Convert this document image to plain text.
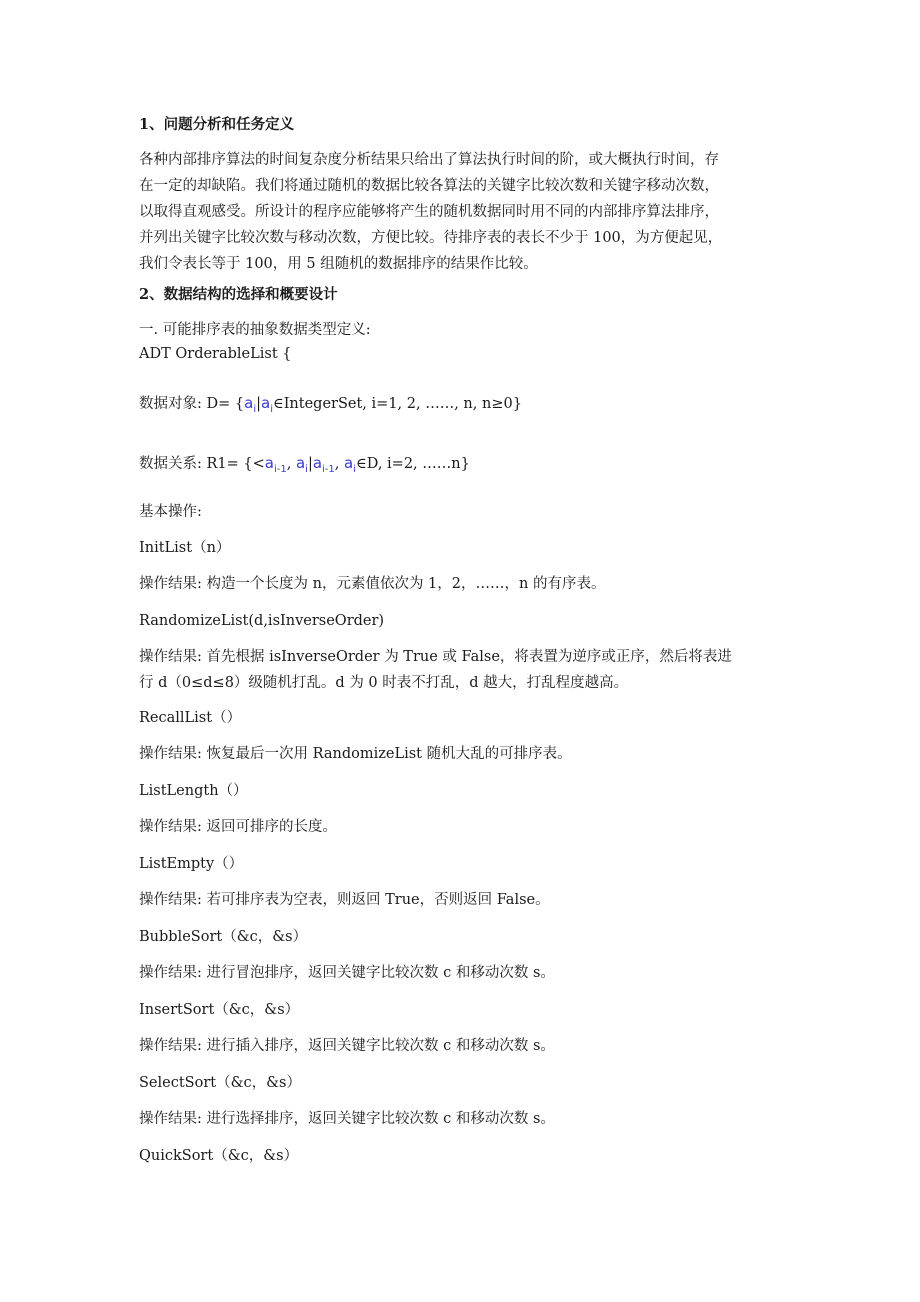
1、问题分析和任务定义
各种内部排序算法的时间复杂度分析结果只给出了算法执行时间的阶，或大概执行时间，存
在一定的却缺陷。我们将通过随机的数据比较各算法的关键字比较次数和关键字移动次数，
以取得直观感受。所设计的程序应能够将产生的随机数据同时用不同的内部排序算法排序，
并列出关键字比较次数与移动次数，方便比较。待排序表的表长不少于 100，为方便起见，
我们令表长等于 100，用 5 组随机的数据排序的结果作比较。
2、数据结构的选择和概要设计
一. 可能排序表的抽象数据类型定义:
ADT OrderableList {
数据对象: $D= \{a_i|a_i\in IntegerSet$, i=1, 2, ……, n, n≥0}
数据关系: $R1= \{<a_{i-1}$, $a_i|a_{i-1}$, $a_i\in D$, i=2, ……n}
基本操作:
InitList（n）
操作结果: 构造一个长度为 n，元素值依次为 1，2，……，n 的有序表。
RandomizeList(d,isInverseOrder)
操作结果: 首先根据 isInverseOrder 为 True 或 False，将表置为逆序或正序，然后将表进
行 d（0≤d≤8）级随机打乱。d 为 0 时表不打乱，d 越大，打乱程度越高。
RecallList（）
操作结果: 恢复最后一次用 RandomizeList 随机大乱的可排序表。
ListLength（）
操作结果: 返回可排序的长度。
ListEmpty（）
操作结果: 若可排序表为空表，则返回 True，否则返回 False。
BubbleSort（&c，&s）
操作结果: 进行冒泡排序，返回关键字比较次数 c 和移动次数 s。
InsertSort（&c，&s）
操作结果: 进行插入排序，返回关键字比较次数 c 和移动次数 s。
SelectSort（&c，&s）
操作结果: 进行选择排序，返回关键字比较次数 c 和移动次数 s。
QuickSort（&c，&s）
